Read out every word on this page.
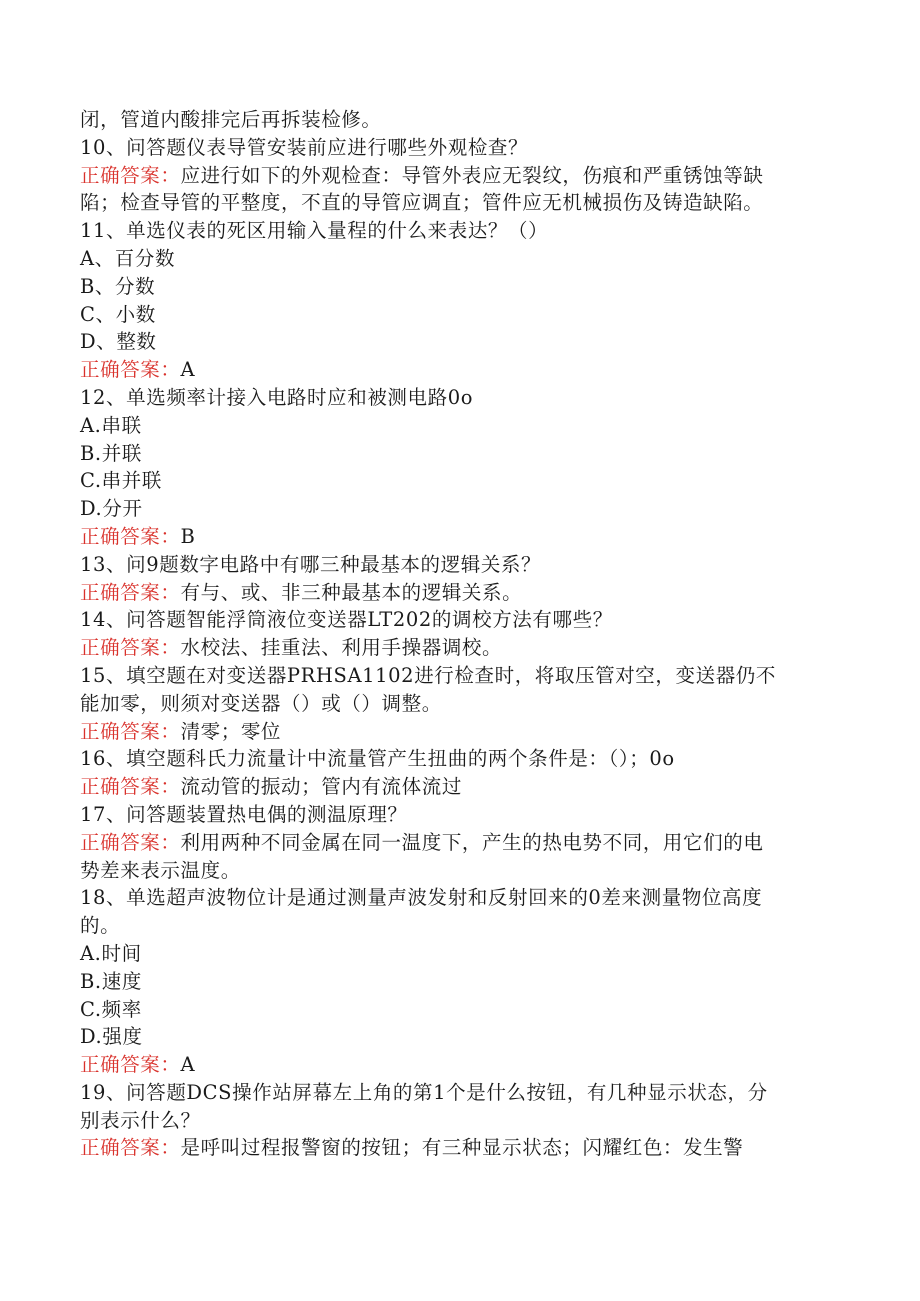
闭，管道内酸排完后再拆装检修。
10、问答题仪表导管安装前应进行哪些外观检查？
正确答案：应进行如下的外观检查：导管外表应无裂纹，伤痕和严重锈蚀等缺
陷；检查导管的平整度，不直的导管应调直；管件应无机械损伤及铸造缺陷。
11、单选仪表的死区用输入量程的什么来表达？（）
A、百分数
B、分数
C、小数
D、整数
正确答案：A
12、单选频率计接入电路时应和被测电路0o
A.串联
B.并联
C.串并联
D.分开
正确答案：B
13、问9题数字电路中有哪三种最基本的逻辑关系？
正确答案：有与、或、非三种最基本的逻辑关系。
14、问答题智能浮筒液位变送器LT202的调校方法有哪些？
正确答案：水校法、挂重法、利用手操器调校。
15、填空题在对变送器PRHSA1102进行检查时，将取压管对空，变送器仍不
能加零，则须对变送器（）或（）调整。
正确答案：清零；零位
16、填空题科氏力流量计中流量管产生扭曲的两个条件是：（）；0o
正确答案：流动管的振动；管内有流体流过
17、问答题装置热电偶的测温原理？
正确答案：利用两种不同金属在同一温度下，产生的热电势不同，用它们的电
势差来表示温度。
18、单选超声波物位计是通过测量声波发射和反射回来的0差来测量物位高度
的。
A.时间
B.速度
C.频率
D.强度
正确答案：A
19、问答题DCS操作站屏幕左上角的第1个是什么按钮，有几种显示状态，分
别表示什么？
正确答案：是呼叫过程报警窗的按钮；有三种显示状态；闪耀红色：发生警
